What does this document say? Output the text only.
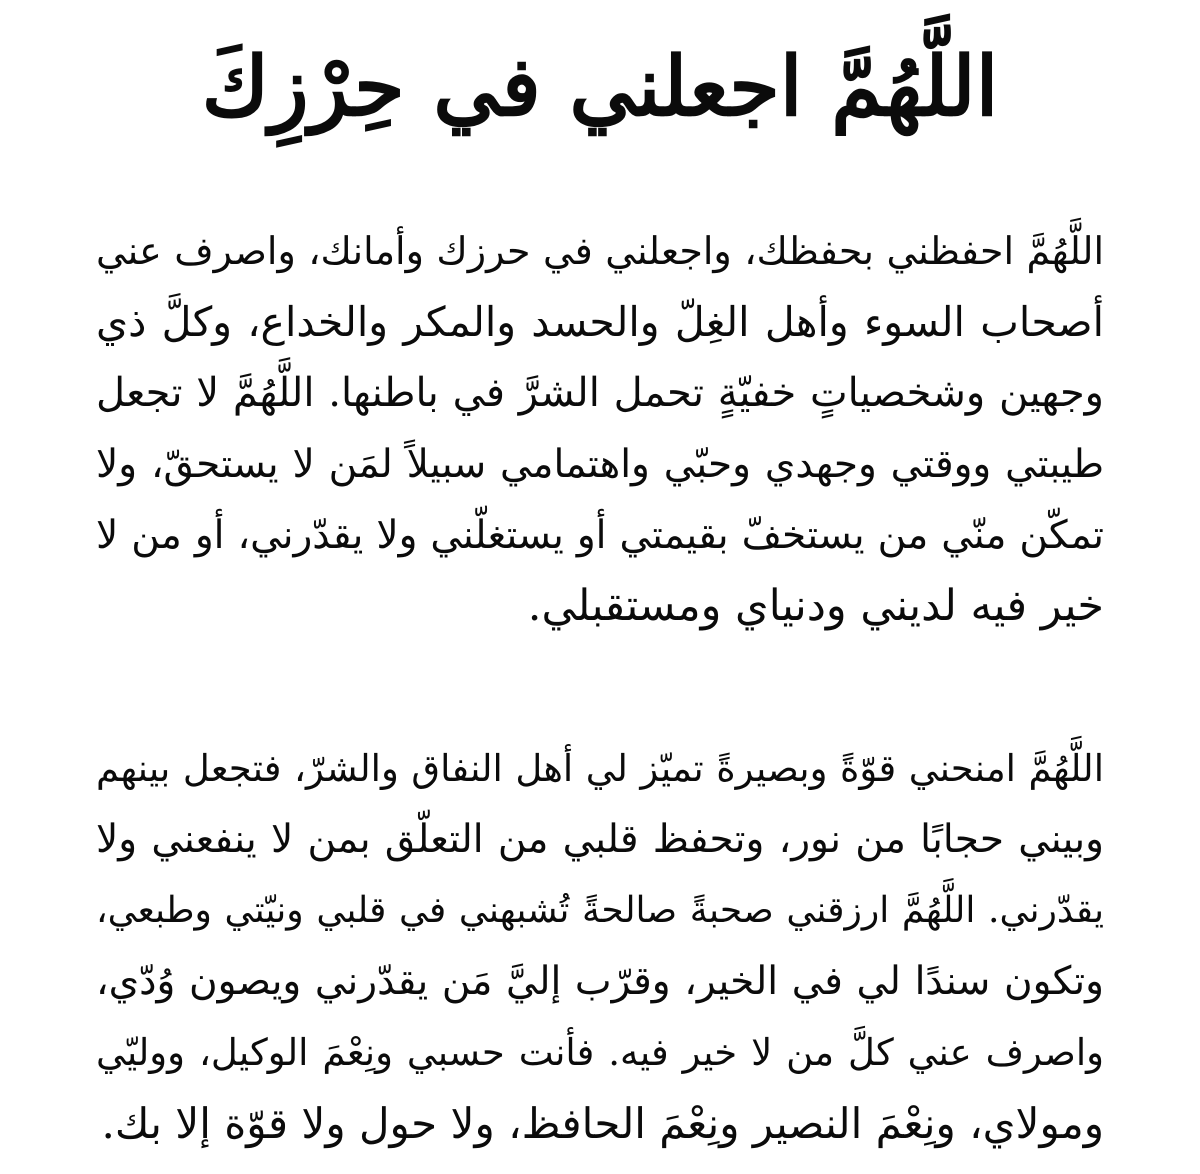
اللَّهُمَّ اجعلني في حِرْزِكَ

اللَّهُمَّ احفظني بحفظك، واجعلني في حرزك وأمانك، واصرف عني
أصحاب السوء وأهل الغِلّ والحسد والمكر والخداع، وكلَّ ذي
وجهين وشخصياتٍ خفيّةٍ تحمل الشرَّ في باطنها. اللَّهُمَّ لا تجعل
طيبتي ووقتي وجهدي وحبّي واهتمامي سبيلاً لمَن لا يستحقّ، ولا
تمكّن منّي من يستخفّ بقيمتي أو يستغلّني ولا يقدّرني، أو من لا
خير فيه لديني ودنياي ومستقبلي.

اللَّهُمَّ امنحني قوّةً وبصيرةً تميّز لي أهل النفاق والشرّ، فتجعل بينهم
وبيني حجابًا من نور، وتحفظ قلبي من التعلّق بمن لا ينفعني ولا
يقدّرني. اللَّهُمَّ ارزقني صحبةً صالحةً تُشبهني في قلبي ونيّتي وطبعي،
وتكون سندًا لي في الخير، وقرّب إليَّ مَن يقدّرني ويصون وُدّي،
واصرف عني كلَّ من لا خير فيه. فأنت حسبي ونِعْمَ الوكيل، ووليّي
ومولاي، ونِعْمَ النصير ونِعْمَ الحافظ، ولا حول ولا قوّة إلا بك.
